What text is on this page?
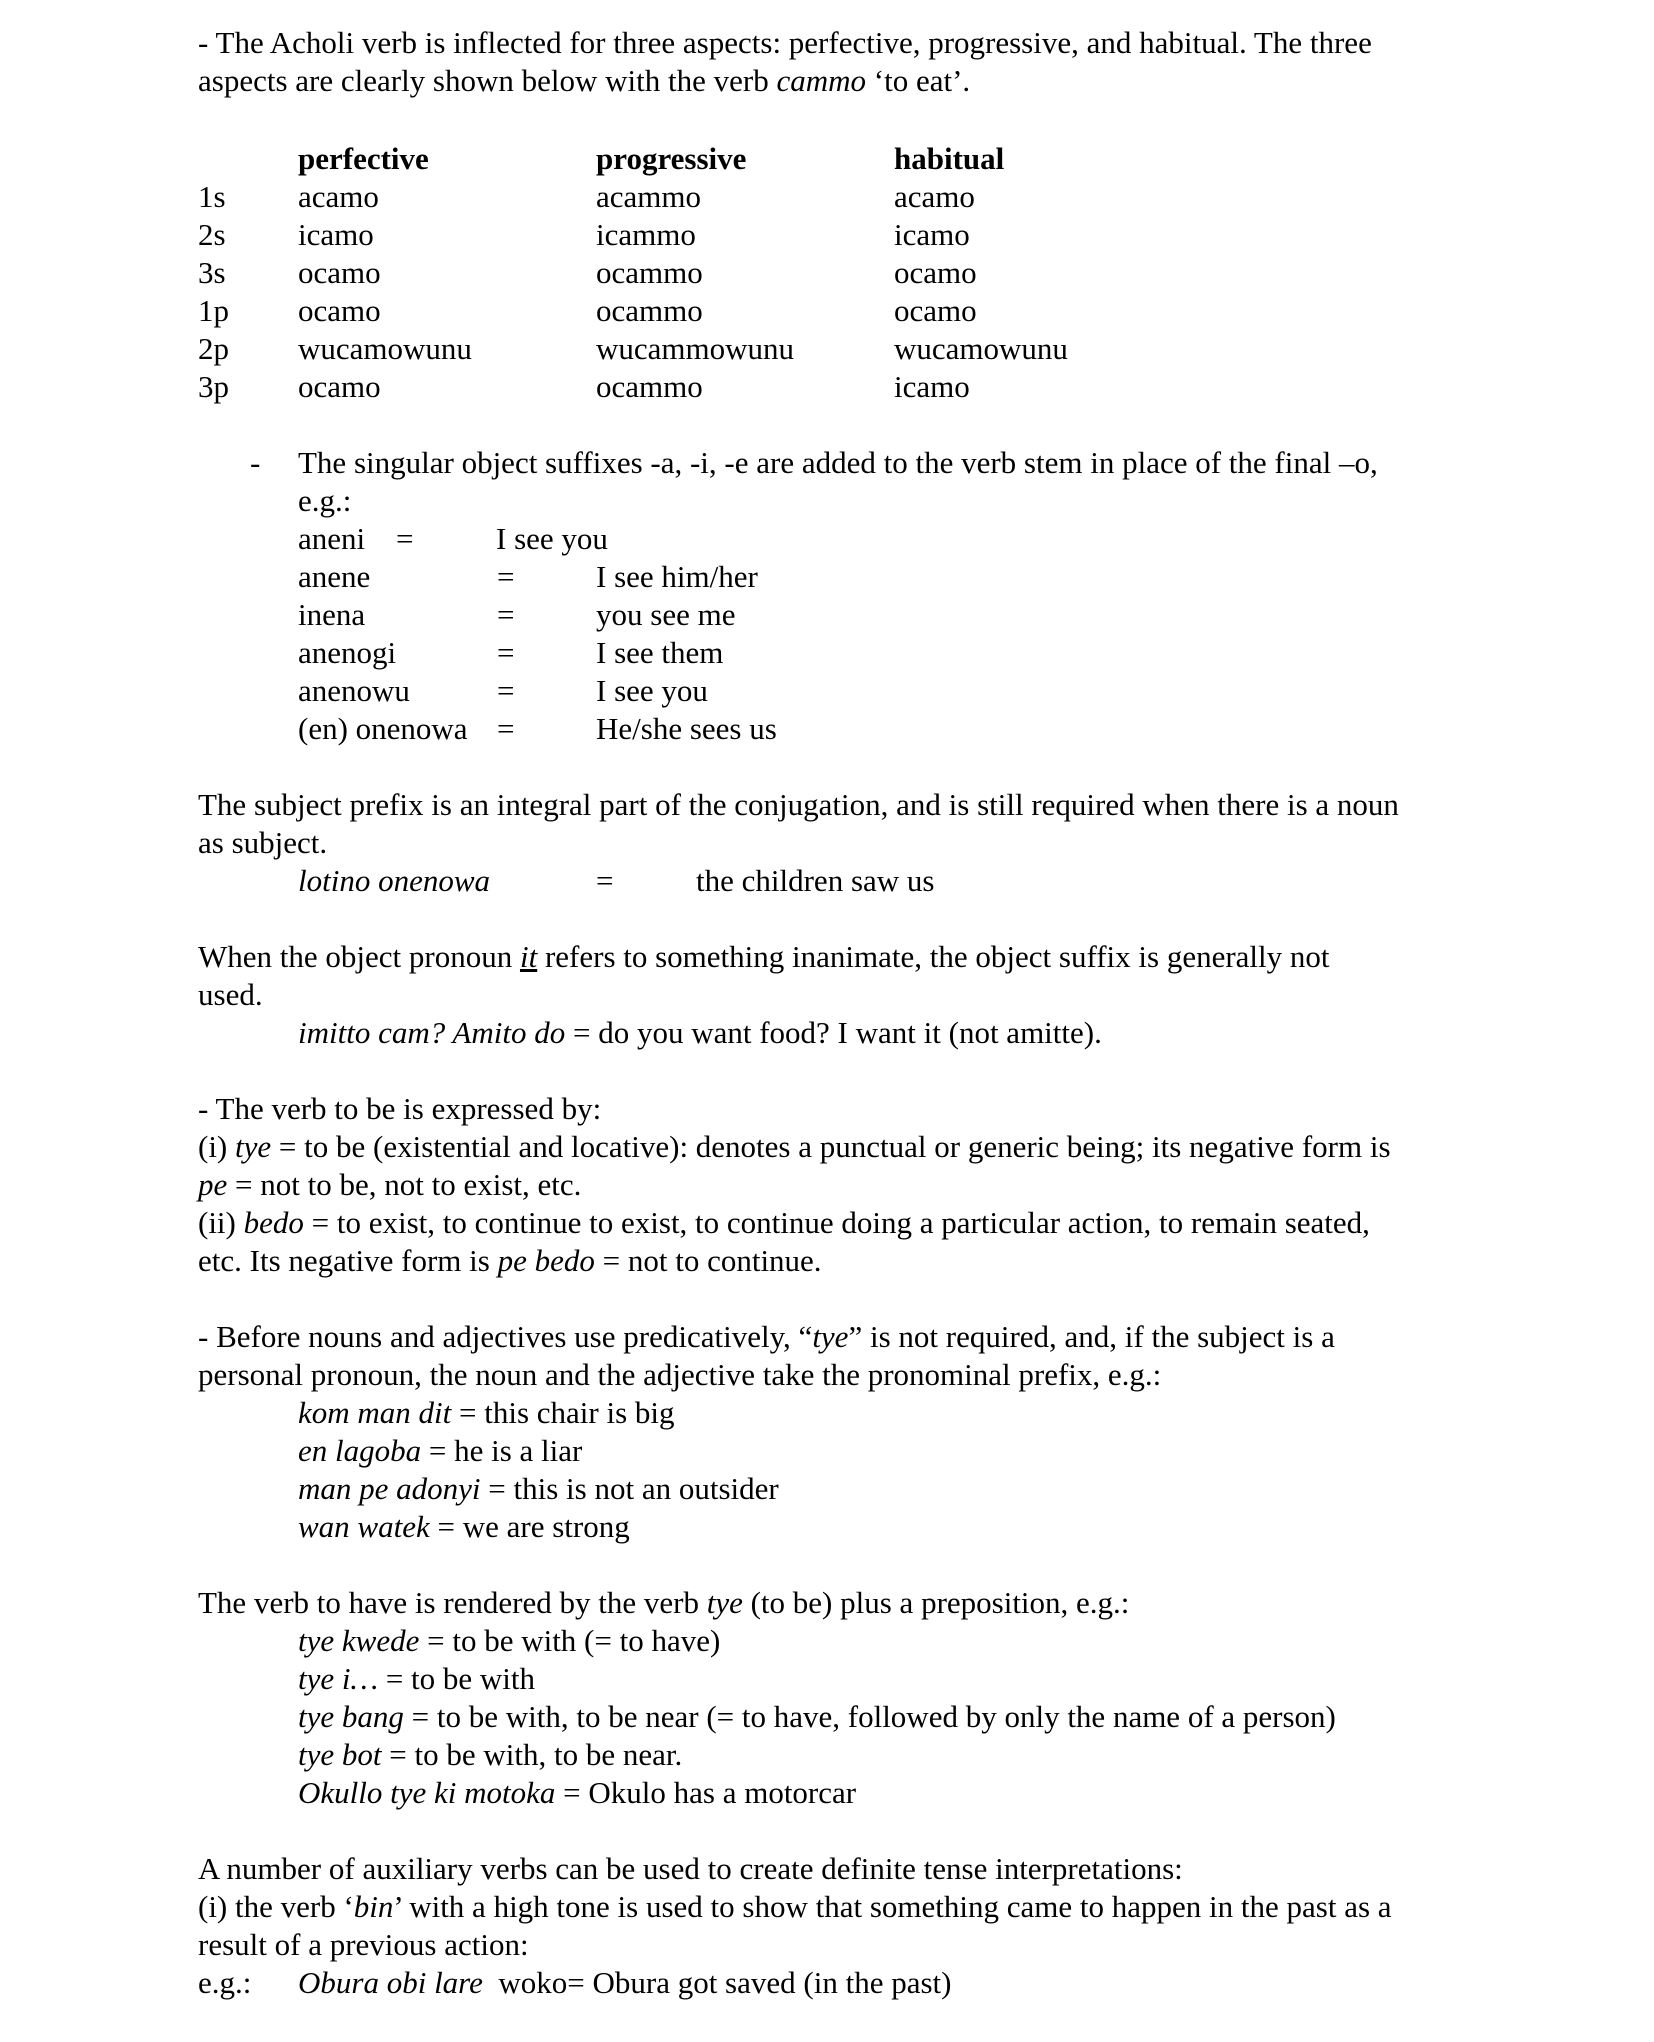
- The Acholi verb is inflected for three aspects: perfective, progressive, and habitual. The three
aspects are clearly shown below with the verb cammo ‘to eat’.
perfective	progressive	habitual
1s acamo	acammo	acamo
2s icamo	icammo	icamo
3s ocamo	ocammo	ocamo
1p ocamo	ocammo	ocamo
2p wucamowunu	wucammowunu	wucamowunu
3p ocamo	ocammo	icamo
- The singular object suffixes -a, -i, -e are added to the verb stem in place of the final –o,
e.g.:
aneni =	I see you
anene	=	I see him/her
inena	=	you see me
anenogi	=	I see them
anenowu	=	I see you
(en) onenowa =	He/she sees us
The subject prefix is an integral part of the conjugation, and is still required when there is a noun
as subject.
lotino onenowa	=	the children saw us
When the object pronoun it refers to something inanimate, the object suffix is generally not
used.
imitto cam? Amito do = do you want food? I want it (not amitte).
- The verb to be is expressed by:
(i) tye = to be (existential and locative): denotes a punctual or generic being; its negative form is
pe = not to be, not to exist, etc.
(ii) bedo = to exist, to continue to exist, to continue doing a particular action, to remain seated,
etc. Its negative form is pe bedo = not to continue.
- Before nouns and adjectives use predicatively, “tye” is not required, and, if the subject is a
personal pronoun, the noun and the adjective take the pronominal prefix, e.g.:
kom man dit = this chair is big
en lagoba = he is a liar
man pe adonyi = this is not an outsider
wan watek = we are strong
The verb to have is rendered by the verb tye (to be) plus a preposition, e.g.:
tye kwede = to be with (= to have)
tye i… = to be with
tye bang = to be with, to be near (= to have, followed by only the name of a person)
tye bot = to be with, to be near.
Okullo tye ki motoka = Okulo has a motorcar
A number of auxiliary verbs can be used to create definite tense interpretations:
(i) the verb ‘bin’ with a high tone is used to show that something came to happen in the past as a
result of a previous action:
e.g.: Obura obi lare  woko= Obura got saved (in the past)
